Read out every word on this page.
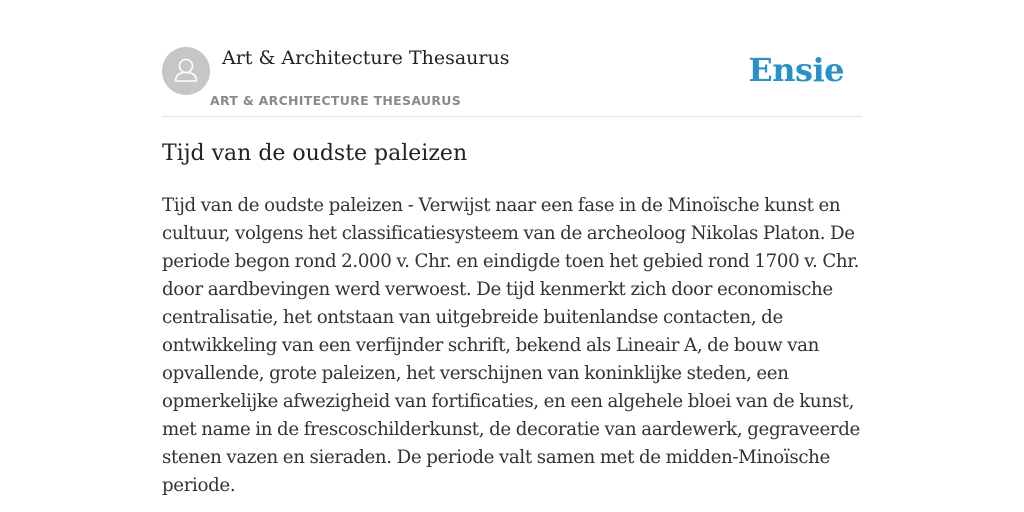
Art & Architecture Thesaurus
ART & ARCHITECTURE THESAURUS
Ensie
Tijd van de oudste paleizen

Tijd van de oudste paleizen - Verwijst naar een fase in de Minoïsche kunst en cultuur, volgens het classificatiesysteem van de archeoloog Nikolas Platon. De periode begon rond 2.000 v. Chr. en eindigde toen het gebied rond 1700 v. Chr. door aardbevingen werd verwoest. De tijd kenmerkt zich door economische centralisatie, het ontstaan van uitgebreide buitenlandse contacten, de ontwikkeling van een verfijnder schrift, bekend als Lineair A, de bouw van opvallende, grote paleizen, het verschijnen van koninklijke steden, een opmerkelijke afwezigheid van fortificaties, en een algehele bloei van de kunst, met name in de frescoschilderkunst, de decoratie van aardewerk, gegraveerde stenen vazen en sieraden. De periode valt samen met de midden-Minoïsche periode.
